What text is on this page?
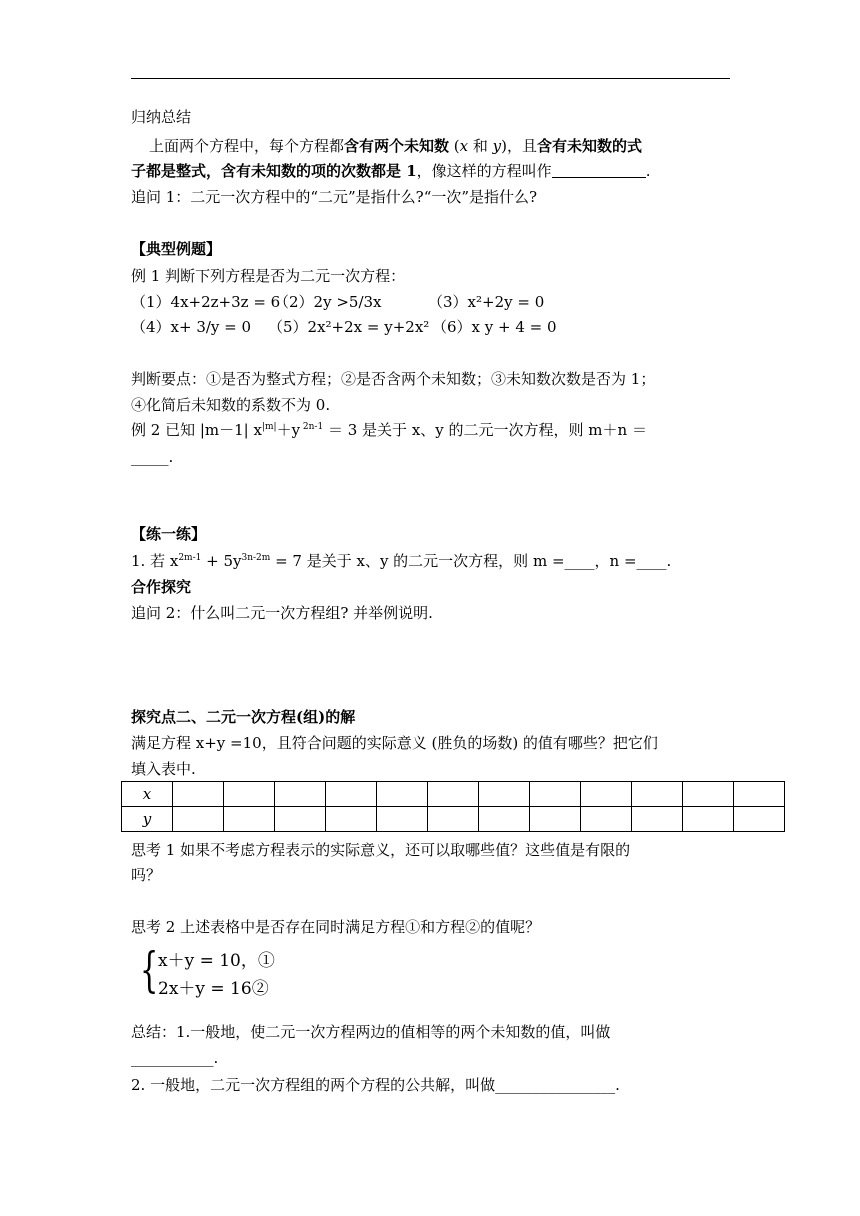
归纳总结
上面两个方程中，每个方程都含有两个未知数 (x 和 y)，且含有未知数的式
子都是整式，含有未知数的项的次数都是 1，像这样的方程叫作	.
追问 1：二元一次方程中的“二元”是指什么?“一次”是指什么?
【典型例题】
例 1 判断下列方程是否为二元一次方程：
（1）4x+2z+3z = 6
（2）2y >5/3x	（3）x²+2y = 0
（4）x+ 3/y = 0 （5）2x²+2x = y+2x² （6）x y + 4 = 0
判断要点：①是否为整式方程；②是否含两个未知数；③未知数次数是否为 1；
④化简后未知数的系数不为 0.
例 2 已知 |m－1| $x^{|m|}+y$ $^{2n-1}$ ＝ 3 是关于 x、y 的二元一次方程，则 m＋n ＝
_____.
【练一练】
1. 若 $x^{2m-1} + 5y^{3n-2m} = 7$ 是关于 x、y 的二元一次方程，则 m =____，n =____.
合作探究
追问 2：什么叫二元一次方程组? 并举例说明.
探究点二、二元一次方程(组)的解
满足方程 x+y =10，且符合问题的实际意义 (胜负的场数) 的值有哪些？把它们
填入表中.
x												
y												
思考 1 如果不考虑方程表示的实际意义，还可以取哪些值？这些值是有限的
吗？
思考 2 上述表格中是否存在同时满足方程①和方程②的值呢？
{ x＋y = 10，①
2x＋y = 16②
总结：1.一般地，使二元一次方程两边的值相等的两个未知数的值，叫做
___________.
2. 一般地，二元一次方程组的两个方程的公共解，叫做________________.
